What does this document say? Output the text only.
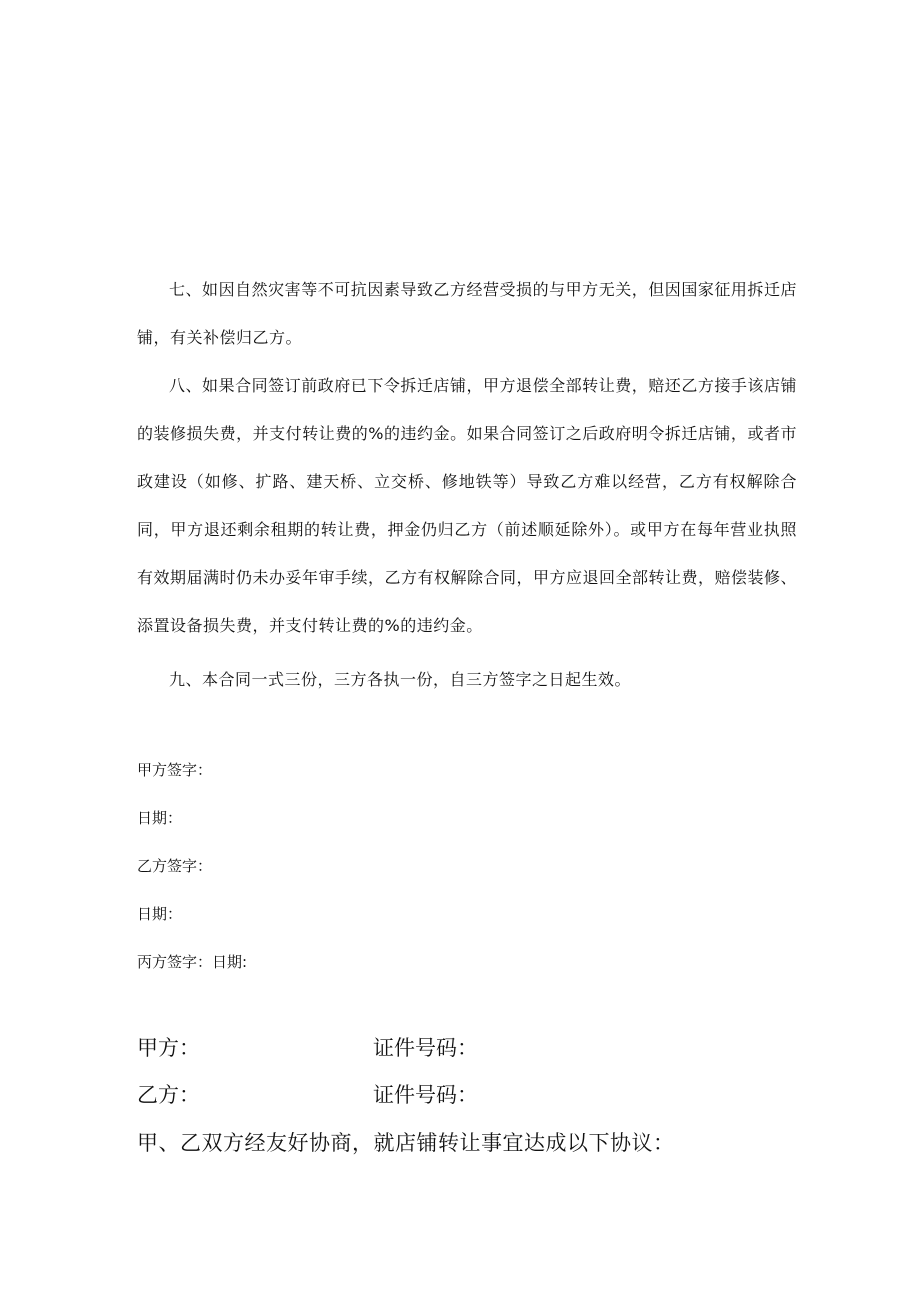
七、如因自然灾害等不可抗因素导致乙方经营受损的与甲方无关，但因国家征用拆迁店铺，有关补偿归乙方。

八、如果合同签订前政府已下令拆迁店铺，甲方退偿全部转让费，赔还乙方接手该店铺的装修损失费，并支付转让费的%的违约金。如果合同签订之后政府明令拆迁店铺，或者市政建设（如修、扩路、建天桥、立交桥、修地铁等）导致乙方难以经营，乙方有权解除合同，甲方退还剩余租期的转让费，押金仍归乙方（前述顺延除外）。或甲方在每年营业执照有效期届满时仍未办妥年审手续，乙方有权解除合同，甲方应退回全部转让费，赔偿装修、添置设备损失费，并支付转让费的%的违约金。

九、本合同一式三份，三方各执一份，自三方签字之日起生效。

甲方签字：
日期：
乙方签字：
日期：
丙方签字：日期:
甲方：	证件号码：
乙方：	证件号码：
甲、乙双方经友好协商，就店铺转让事宜达成以下协议：
